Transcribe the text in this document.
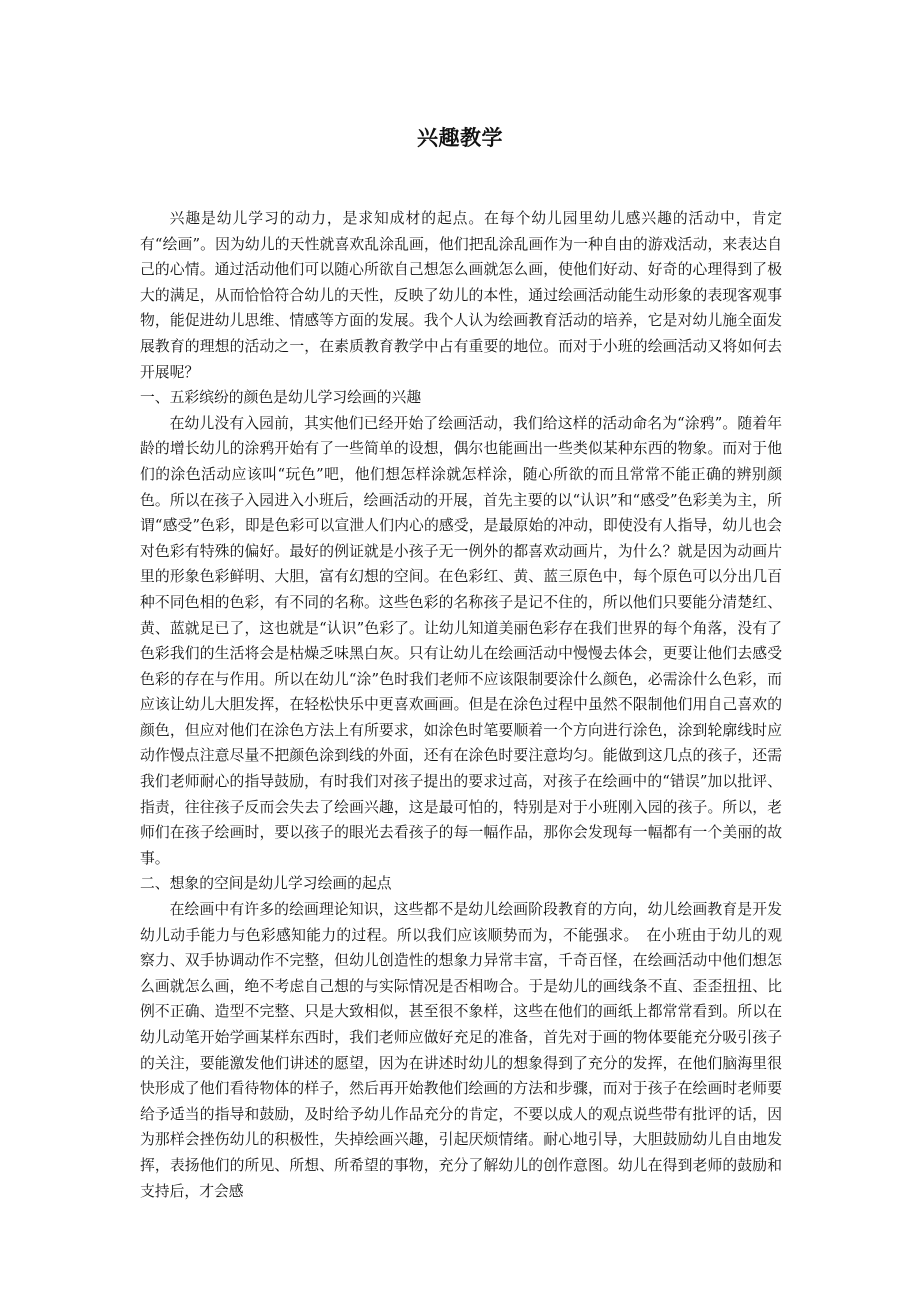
兴趣教学

兴趣是幼儿学习的动力，是求知成材的起点。在每个幼儿园里幼儿感兴趣的活动中，肯定有“绘画”。因为幼儿的天性就喜欢乱涂乱画，他们把乱涂乱画作为一种自由的游戏活动，来表达自己的心情。通过活动他们可以随心所欲自己想怎么画就怎么画，使他们好动、好奇的心理得到了极大的满足，从而恰恰符合幼儿的天性，反映了幼儿的本性，通过绘画活动能生动形象的表现客观事物，能促进幼儿思维、情感等方面的发展。我个人认为绘画教育活动的培养，它是对幼儿施全面发展教育的理想的活动之一，在素质教育教学中占有重要的地位。而对于小班的绘画活动又将如何去开展呢？

一、五彩缤纷的颜色是幼儿学习绘画的兴趣

在幼儿没有入园前，其实他们已经开始了绘画活动，我们给这样的活动命名为“涂鸦”。随着年龄的增长幼儿的涂鸦开始有了一些简单的设想，偶尔也能画出一些类似某种东西的物象。而对于他们的涂色活动应该叫“玩色”吧，他们想怎样涂就怎样涂，随心所欲的而且常常不能正确的辨别颜色。所以在孩子入园进入小班后，绘画活动的开展，首先主要的以“认识”和“感受”色彩美为主，所谓“感受”色彩，即是色彩可以宣泄人们内心的感受，是最原始的冲动，即使没有人指导，幼儿也会对色彩有特殊的偏好。最好的例证就是小孩子无一例外的都喜欢动画片，为什么？就是因为动画片里的形象色彩鲜明、大胆，富有幻想的空间。在色彩红、黄、蓝三原色中，每个原色可以分出几百种不同色相的色彩，有不同的名称。这些色彩的名称孩子是记不住的，所以他们只要能分清楚红、黄、蓝就足已了，这也就是“认识”色彩了。让幼儿知道美丽色彩存在我们世界的每个角落，没有了色彩我们的生活将会是枯燥乏味黑白灰。只有让幼儿在绘画活动中慢慢去体会，更要让他们去感受色彩的存在与作用。所以在幼儿“涂”色时我们老师不应该限制要涂什么颜色，必需涂什么色彩，而应该让幼儿大胆发挥，在轻松快乐中更喜欢画画。但是在涂色过程中虽然不限制他们用自己喜欢的颜色，但应对他们在涂色方法上有所要求，如涂色时笔要顺着一个方向进行涂色，涂到轮廓线时应动作慢点注意尽量不把颜色涂到线的外面，还有在涂色时要注意均匀。能做到这几点的孩子，还需我们老师耐心的指导鼓励，有时我们对孩子提出的要求过高，对孩子在绘画中的“错误”加以批评、指责，往往孩子反而会失去了绘画兴趣，这是最可怕的，特别是对于小班刚入园的孩子。所以，老师们在孩子绘画时，要以孩子的眼光去看孩子的每一幅作品，那你会发现每一幅都有一个美丽的故事。

二、想象的空间是幼儿学习绘画的起点

在绘画中有许多的绘画理论知识，这些都不是幼儿绘画阶段教育的方向，幼儿绘画教育是开发幼儿动手能力与色彩感知能力的过程。所以我们应该顺势而为，不能强求。　在小班由于幼儿的观察力、双手协调动作不完整，但幼儿创造性的想象力异常丰富，千奇百怪，在绘画活动中他们想怎么画就怎么画，绝不考虑自己想的与实际情况是否相吻合。于是幼儿的画线条不直、歪歪扭扭、比例不正确、造型不完整、只是大致相似，甚至很不象样，这些在他们的画纸上都常常看到。所以在幼儿动笔开始学画某样东西时，我们老师应做好充足的准备，首先对于画的物体要能充分吸引孩子的关注，要能激发他们讲述的愿望，因为在讲述时幼儿的想象得到了充分的发挥，在他们脑海里很快形成了他们看待物体的样子，然后再开始教他们绘画的方法和步骤，而对于孩子在绘画时老师要给予适当的指导和鼓励，及时给予幼儿作品充分的肯定，不要以成人的观点说些带有批评的话，因为那样会挫伤幼儿的积极性，失掉绘画兴趣，引起厌烦情绪。耐心地引导，大胆鼓励幼儿自由地发挥，表扬他们的所见、所想、所希望的事物，充分了解幼儿的创作意图。幼儿在得到老师的鼓励和支持后，才会感
